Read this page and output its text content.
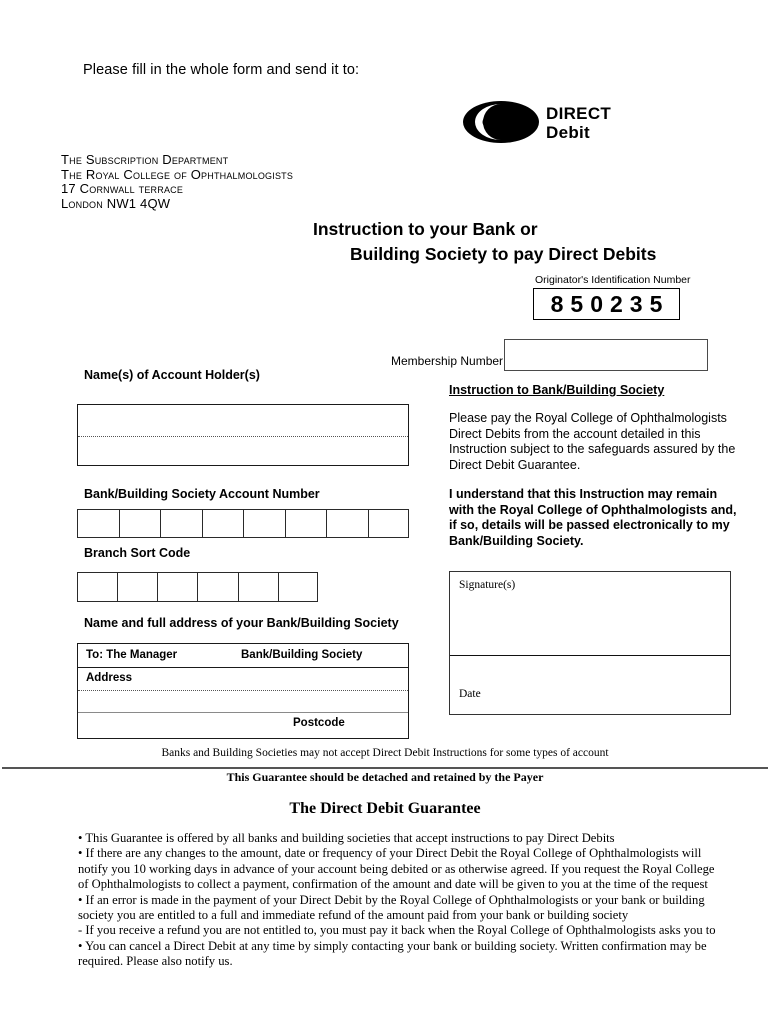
Please fill in the whole form and send it to:
DIRECT
Debit
The Subscription Department
The Royal College of Ophthalmologists
17 Cornwall terrace
London NW1 4QW
Instruction to your Bank or
Building Society to pay Direct Debits
Originator's Identification Number
850235
Membership Number
Name(s) of Account Holder(s)
Bank/Building Society Account Number
Branch Sort Code
Name and full address of your Bank/Building Society
To: The Manager	Bank/Building Society
Address
Postcode
Instruction to Bank/Building Society
Please pay the Royal College of Ophthalmologists Direct Debits from the account detailed in this Instruction subject to the safeguards assured by the Direct Debit Guarantee.
I understand that this Instruction may remain with the Royal College of Ophthalmologists and, if so, details will be passed electronically to my Bank/Building Society.
Signature(s)
Date
Banks and Building Societies may not accept Direct Debit Instructions for some types of account
This Guarantee should be detached and retained by the Payer
The Direct Debit Guarantee

• This Guarantee is offered by all banks and building societies that accept instructions to pay Direct Debits

• If there are any changes to the amount, date or frequency of your Direct Debit the Royal College of Ophthalmologists will notify you 10 working days in advance of your account being debited or as otherwise agreed. If you request the Royal College of Ophthalmologists to collect a payment, confirmation of the amount and date will be given to you at the time of the request

• If an error is made in the payment of your Direct Debit by the Royal College of Ophthalmologists or your bank or building society you are entitled to a full and immediate refund of the amount paid from your bank or building society

- If you receive a refund you are not entitled to, you must pay it back when the Royal College of Ophthalmologists asks you to

• You can cancel a Direct Debit at any time by simply contacting your bank or building society. Written confirmation may be required. Please also notify us.
